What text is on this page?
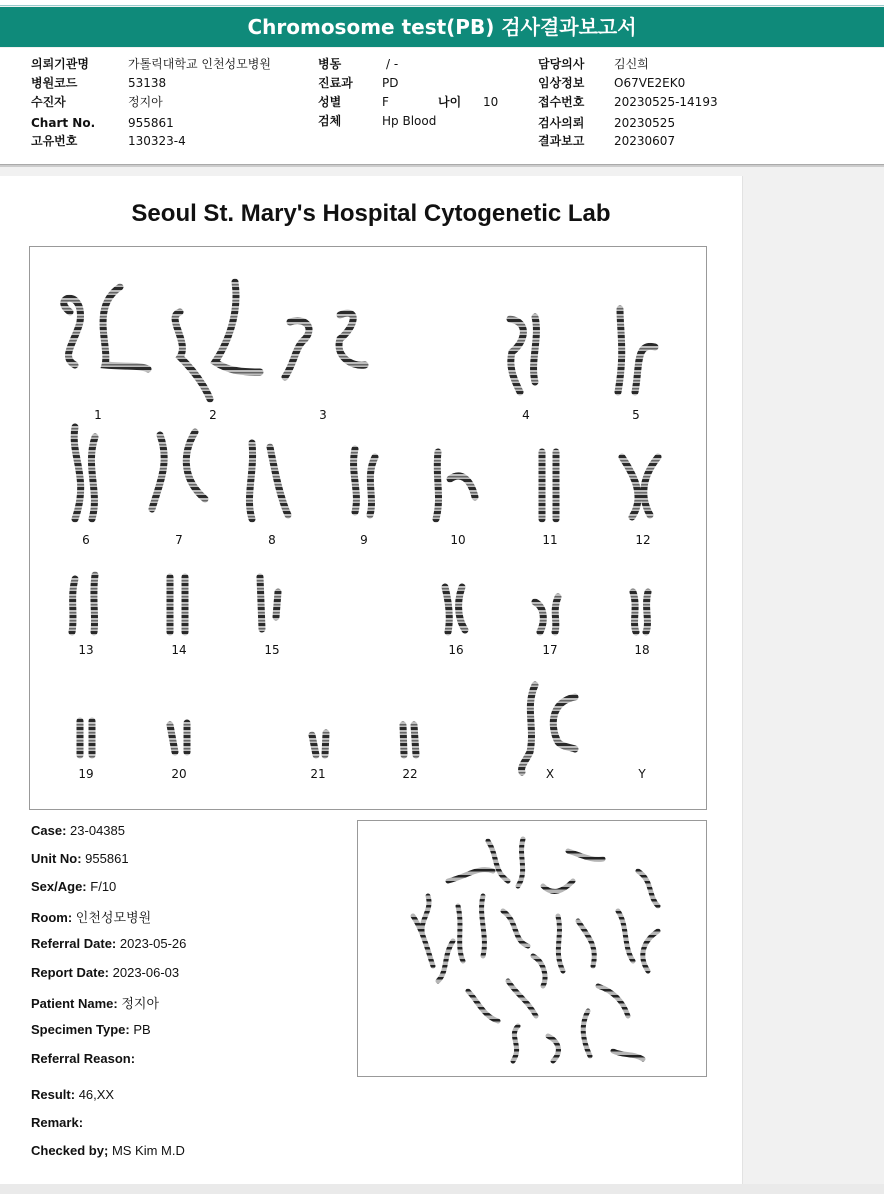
Chromosome test(PB) 검사결과보고서
의뢰기관명	가톨릭대학교 인천성모병원
병원코드	53138
수진자	정지아
Chart No.	955861
고유번호	130323-4
병동	/ -
진료과 PD
성별	F	나이 10
검체	Hp Blood
담당의사 김신희
임상정보 O67VE2EK0
접수번호 20230525-14193
검사의뢰 20230525
결과보고 20230607
Seoul St. Mary's Hospital Cytogenetic Lab
1	2	3	4	5
6	7	8	9	10	11	12
13	14	15	16	17	18
19	20	21	22	X	Y
Case: 23-04385
Unit No: 955861
Sex/Age: F/10
Room: 인천성모병원
Referral Date: 2023-05-26
Report Date: 2023-06-03
Patient Name: 정지아
Specimen Type: PB
Referral Reason:
Result: 46,XX
Remark:
Checked by; MS Kim M.D
